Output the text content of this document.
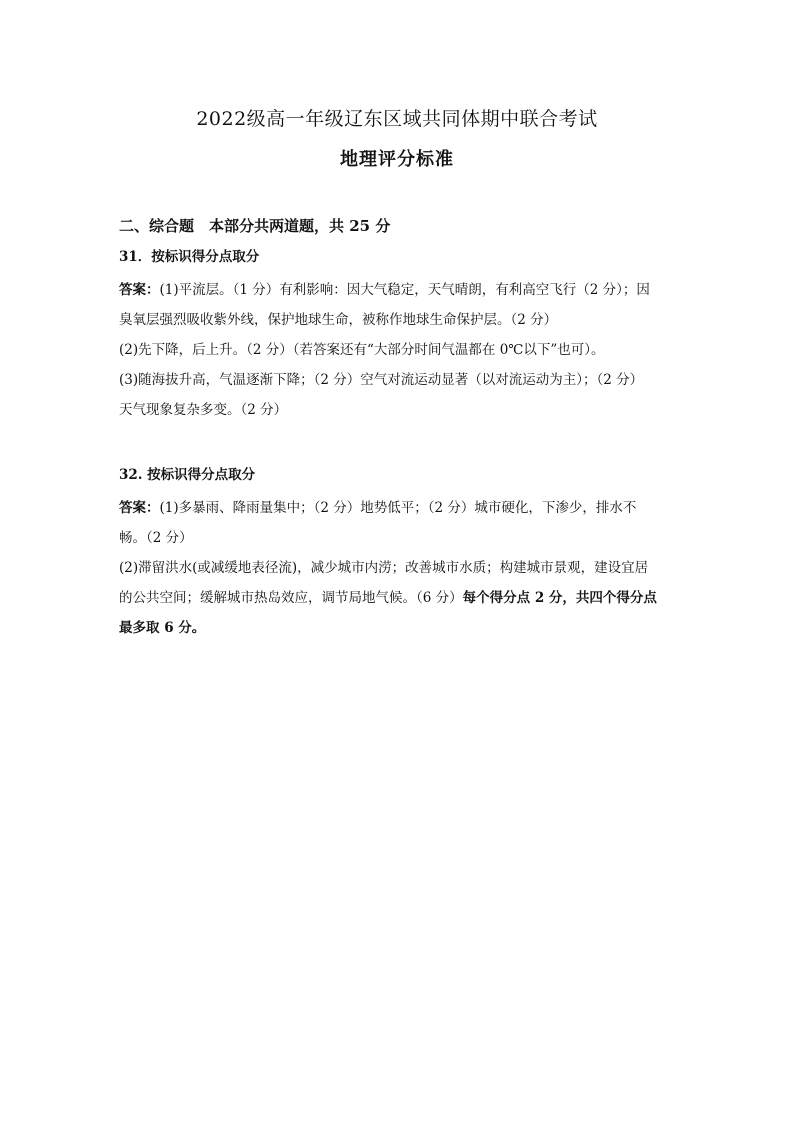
2022级高一年级辽东区域共同体期中联合考试
地理评分标准
二、综合题　本部分共两道题，共 25 分
31．按标识得分点取分
答案：(1)平流层。（1 分）有利影响：因大气稳定，天气晴朗，有利高空飞行（2 分）；因
臭氧层强烈吸收紫外线，保护地球生命，被称作地球生命保护层。（2 分）
(2)先下降，后上升。（2 分）（若答案还有“大部分时间气温都在 0℃以下”也可）。
(3)随海拔升高，气温逐渐下降；（2 分）空气对流运动显著（以对流运动为主）；（2 分）
天气现象复杂多变。（2 分）
32. 按标识得分点取分
答案：(1)多暴雨、降雨量集中；（2 分）地势低平；（2 分）城市硬化，下渗少，排水不
畅。（2 分）
(2)滞留洪水(或减缓地表径流)，减少城市内涝；改善城市水质；构建城市景观，建设宜居
的公共空间；缓解城市热岛效应，调节局地气候。（6 分）每个得分点 2 分，共四个得分点
最多取 6 分。
